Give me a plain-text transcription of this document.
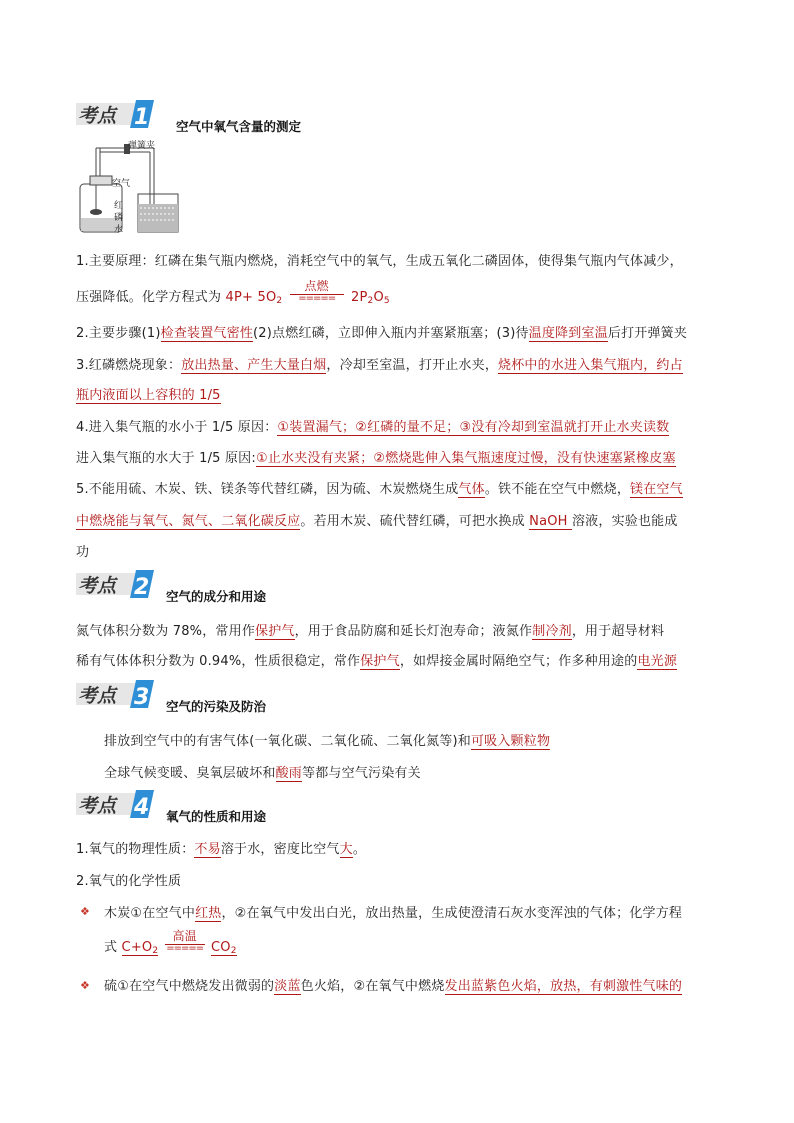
考点 1 空气中氧气含量的测定
弹簧夹
空气
红
磷
水
1.主要原理：红磷在集气瓶内燃烧，消耗空气中的氧气，生成五氧化二磷固体，使得集气瓶内气体减少，
压强降低。化学方程式为 $4P+ 5O_2$
点燃
===== $2P_2O_5$
2.主要步骤(1)检查装置气密性(2)点燃红磷，立即伸入瓶内并塞紧瓶塞；(3)待温度降到室温后打开弹簧夹
3.红磷燃烧现象：放出热量、产生大量白烟，冷却至室温，打开止水夹，烧杯中的水进入集气瓶内，约占
瓶内液面以上容积的 1/5
4.进入集气瓶的水小于 1/5 原因：①装置漏气；②红磷的量不足；③没有冷却到室温就打开止水夹读数
进入集气瓶的水大于 1/5 原因:①止水夹没有夹紧；②燃烧匙伸入集气瓶速度过慢，没有快速塞紧橡皮塞
5.不能用硫、木炭、铁、镁条等代替红磷，因为硫、木炭燃烧生成气体。铁不能在空气中燃烧，镁在空气
中燃烧能与氧气、氮气、二氧化碳反应。若用木炭、硫代替红磷，可把水换成 NaOH 溶液，实验也能成
功
考点 2 空气的成分和用途
氮气体积分数为 78%，常用作保护气，用于食品防腐和延长灯泡寿命；液氮作制冷剂，用于超导材料
稀有气体体积分数为 0.94%，性质很稳定，常作保护气，如焊接金属时隔绝空气；作多种用途的电光源
考点 3 空气的污染及防治
排放到空气中的有害气体(一氧化碳、二氧化硫、二氧化氮等)和可吸入颗粒物
全球气候变暖、臭氧层破坏和酸雨等都与空气污染有关
考点 4 氧气的性质和用途
1.氧气的物理性质：不易溶于水，密度比空气大。
2.氧气的化学性质
❖ 木炭①在空气中红热，②在氧气中发出白光，放出热量，生成使澄清石灰水变浑浊的气体；化学方程
式 $C+O_2$
高温
===== $CO_2$
❖ 硫①在空气中燃烧发出微弱的淡蓝色火焰，②在氧气中燃烧发出蓝紫色火焰，放热，有刺激性气味的
